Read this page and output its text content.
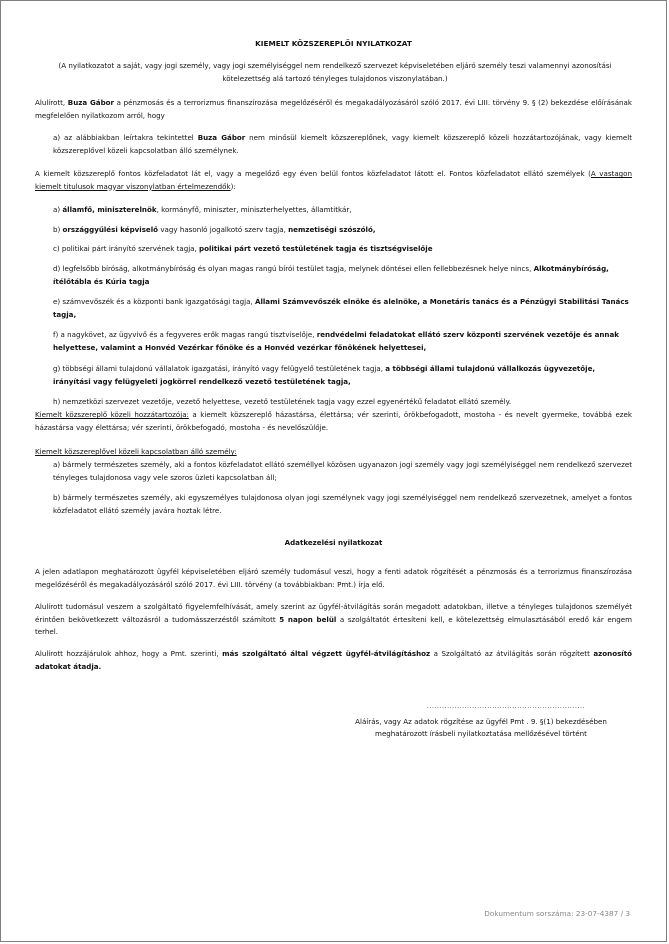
KIEMELT KÖZSZEREPLŐI NYILATKOZAT
(A nyilatkozatot a saját, vagy jogi személy, vagy jogi személyiséggel nem rendelkező szervezet képviseletében eljáró személy teszi valamennyi azonosítási kötelezettség alá tartozó tényleges tulajdonos viszonylatában.)
Alulírott, Buza Gábor a pénzmosás és a terrorizmus finanszírozása megelőzéséről és megakadályozásáról szóló 2017. évi LIII. törvény 9. § (2) bekezdése előírásának megfelelően nyilatkozom arról, hogy
a) az alábbiakban leírtakra tekintettel Buza Gábor nem minősül kiemelt közszereplőnek, vagy kiemelt közszereplő közeli hozzátartozójának, vagy kiemelt közszereplővel közeli kapcsolatban álló személynek.
A kiemelt közszereplő fontos közfeladatot lát el, vagy a megelőző egy éven belül fontos közfeladatot látott el. Fontos közfeladatot ellátó személyek (A vastagon kiemelt titulusok magyar viszonylatban értelmezendők):
a) államfő, miniszterelnök, kormányfő, miniszter, miniszterhelyettes, államtitkár,
b) országgyűlési képviselő vagy hasonló jogalkotó szerv tagja, nemzetiségi szószóló,
c) politikai párt irányító szervének tagja, politikai párt vezető testületének tagja és tisztségviselője
d) legfelsőbb bíróság, alkotmánybíróság és olyan magas rangú bírói testület tagja, melynek döntései ellen fellebbezésnek helye nincs, Alkotmánybíróság, ítélőtábla és Kúria tagja
e) számvevőszék és a központi bank igazgatósági tagja, Állami Számvevőszék elnöke és alelnöke, a Monetáris tanács és a Pénzügyi Stabilitási Tanács tagja,
f) a nagykövet, az ügyvivő és a fegyveres erők magas rangú tisztviselője, rendvédelmi feladatokat ellátó szerv központi szervének vezetője és annak helyettese, valamint a Honvéd Vezérkar főnöke és a Honvéd vezérkar főnökének helyettesei,
g) többségi állami tulajdonú vállalatok igazgatási, irányító vagy felügyelő testületének tagja, a többségi állami tulajdonú vállalkozás ügyvezetője, irányítási vagy felügyeleti jogkörrel rendelkező vezető testületének tagja,
h) nemzetközi szervezet vezetője, vezető helyettese, vezető testületének tagja vagy ezzel egyenértékű feladatot ellátó személy.
Kiemelt közszereplő közeli hozzátartozója: a kiemelt közszereplő házastársa, élettársa; vér szerinti, örökbefogadott, mostoha - és nevelt gyermeke, továbbá ezek házastársa vagy élettársa; vér szerinti, örökbefogadó, mostoha - és nevelőszülője.
Kiemelt közszereplővel közeli kapcsolatban álló személy:
a) bármely természetes személy, aki a fontos közfeladatot ellátó személlyel közösen ugyanazon jogi személy vagy jogi személyiséggel nem rendelkező szervezet tényleges tulajdonosa vagy vele szoros üzleti kapcsolatban áll;
b) bármely természetes személy, aki egyszemélyes tulajdonosa olyan jogi személynek vagy jogi személyiséggel nem rendelkező szervezetnek, amelyet a fontos közfeladatot ellátó személy javára hoztak létre.
Adatkezelési nyilatkozat
A jelen adatlapon meghatározott ügyfél képviseletében eljáró személy tudomásul veszi, hogy a fenti adatok rögzítését a pénzmosás és a terrorizmus finanszírozása megelőzéséről és megakadályozásáról szóló 2017. évi LIII. törvény (a továbbiakban: Pmt.) írja elő.
Alulírott tudomásul veszem a szolgáltató figyelemfelhívását, amely szerint az ügyfél-átvilágítás során megadott adatokban, illetve a tényleges tulajdonos személyét érintően bekövetkezett változásról a tudomásszerzéstől számított 5 napon belül a szolgáltatót értesíteni kell, e kötelezettség elmulasztásából eredő kár engem terhel.
Alulírott hozzájárulok ahhoz, hogy a Pmt. szerinti, más szolgáltató által végzett ügyfél-átvilágításhoz a Szolgáltató az átvilágítás során rögzített azonosító adatokat átadja.
...............................................................
Aláírás, vagy Az adatok rögzítése az ügyfél Pmt . 9. §(1) bekezdésében
meghatározott írásbeli nyilatkoztatása mellőzésével történt
Dokumentum sorszáma: 23-07-4387 / 3
